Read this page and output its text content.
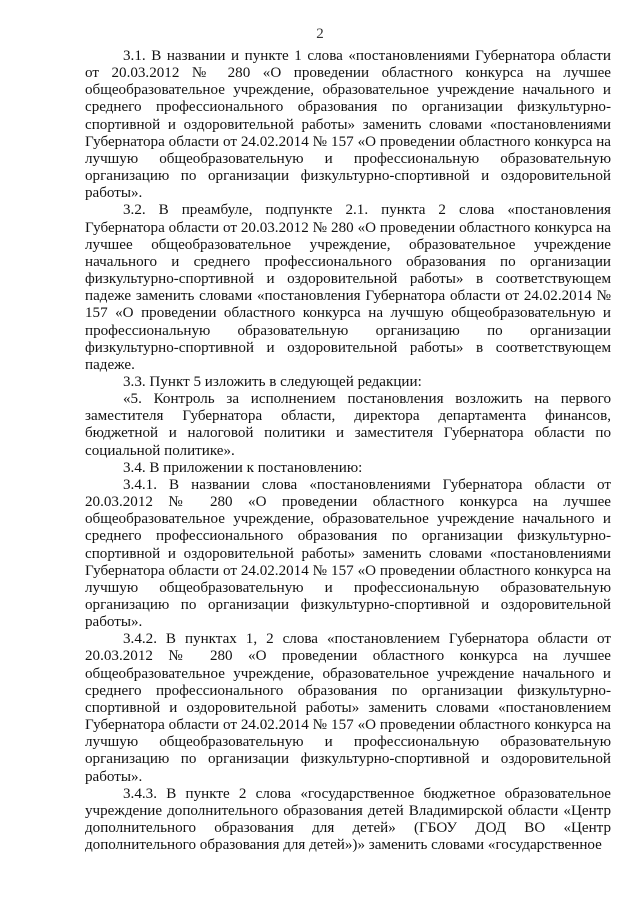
2

3.1. В названии и пункте 1 слова «постановлениями Губернатора области от 20.03.2012 № 280 «О проведении областного конкурса на лучшее общеобразовательное учреждение, образовательное учреждение начального и среднего профессионального образования по организации физкультурно-спортивной и оздоровительной работы» заменить словами «постановлениями Губернатора области от 24.02.2014 № 157 «О проведении областного конкурса на лучшую общеобразовательную и профессиональную образовательную организацию по организации физкультурно-спортивной и оздоровительной работы».

3.2. В преамбуле, подпункте 2.1. пункта 2 слова «постановления Губернатора области от 20.03.2012 № 280 «О проведении областного конкурса на лучшее общеобразовательное учреждение, образовательное учреждение начального и среднего профессионального образования по организации физкультурно-спортивной и оздоровительной работы» в соответствующем падеже заменить словами «постановления Губернатора области от 24.02.2014 № 157 «О проведении областного конкурса на лучшую общеобразовательную и профессиональную образовательную организацию по организации физкультурно-спортивной и оздоровительной работы» в соответствующем падеже.

3.3. Пункт 5 изложить в следующей редакции:

«5. Контроль за исполнением постановления возложить на первого заместителя Губернатора области, директора департамента финансов, бюджетной и налоговой политики и заместителя Губернатора области по социальной политике».

3.4. В приложении к постановлению:

3.4.1. В названии слова «постановлениями Губернатора области от 20.03.2012 № 280 «О проведении областного конкурса на лучшее общеобразовательное учреждение, образовательное учреждение начального и среднего профессионального образования по организации физкультурно-спортивной и оздоровительной работы» заменить словами «постановлениями Губернатора области от 24.02.2014 № 157 «О проведении областного конкурса на лучшую общеобразовательную и профессиональную образовательную организацию по организации физкультурно-спортивной и оздоровительной работы».

3.4.2. В пунктах 1, 2 слова «постановлением Губернатора области от 20.03.2012 № 280 «О проведении областного конкурса на лучшее общеобразовательное учреждение, образовательное учреждение начального и среднего профессионального образования по организации физкультурно-спортивной и оздоровительной работы» заменить словами «постановлением Губернатора области от 24.02.2014 № 157 «О проведении областного конкурса на лучшую общеобразовательную и профессиональную образовательную организацию по организации физкультурно-спортивной и оздоровительной работы».

3.4.3. В пункте 2 слова «государственное бюджетное образовательное учреждение дополнительного образования детей Владимирской области «Центр дополнительного образования для детей» (ГБОУ ДОД ВО «Центр дополнительного образования для детей»)» заменить словами «государственное
